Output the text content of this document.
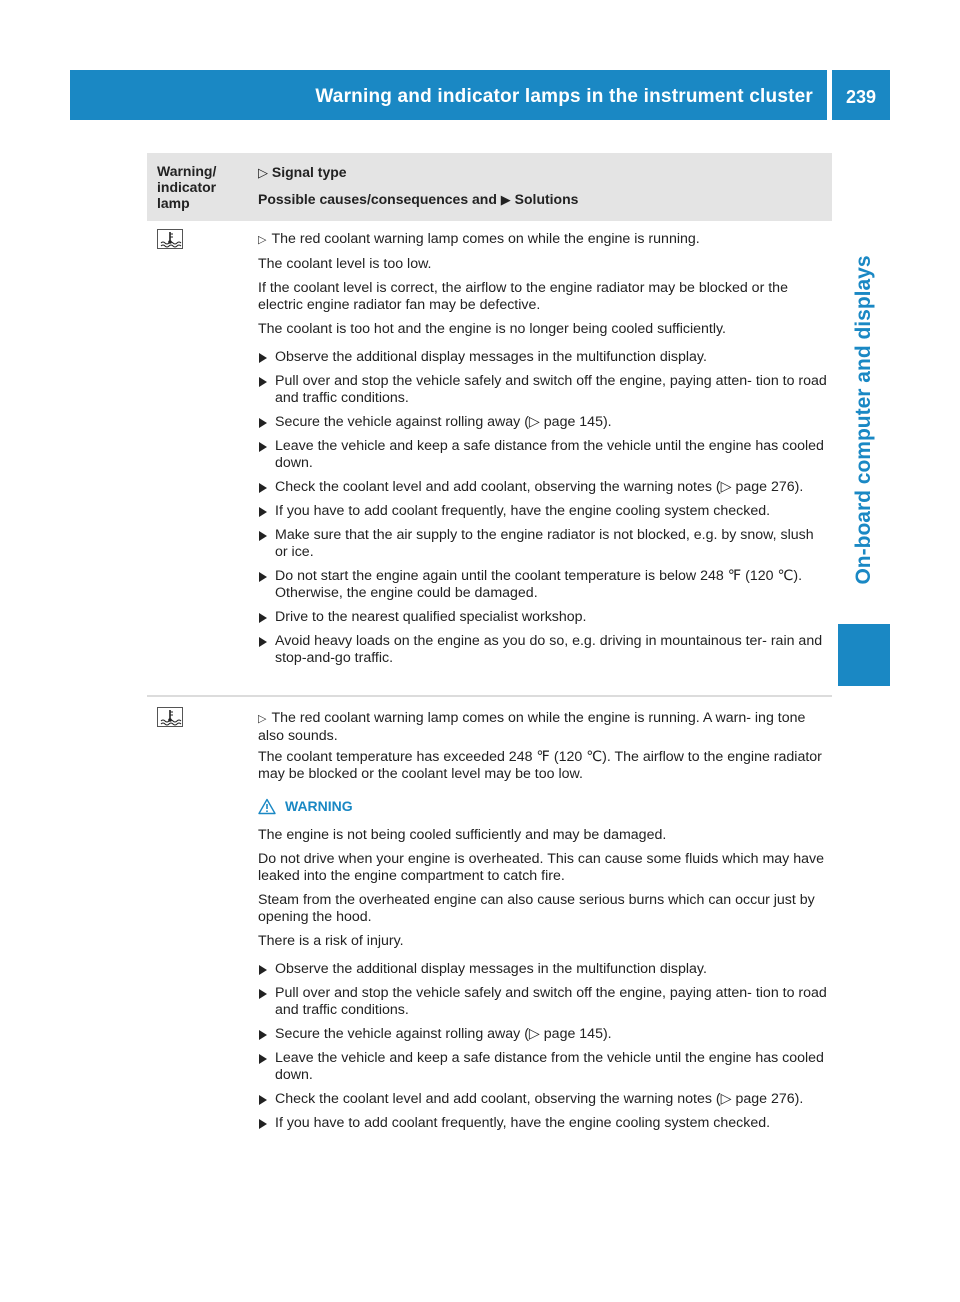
Warning and indicator lamps in the instrument cluster	239
On-board computer and displays
Warning/ indicator lamp
▷ Signal type
Possible causes/consequences and ▶ Solutions

▷ The red coolant warning lamp comes on while the engine is running.

The coolant level is too low.

If the coolant level is correct, the airflow to the engine radiator may be blocked or the electric engine radiator fan may be defective.

The coolant is too hot and the engine is no longer being cooled sufficiently.

Observe the additional display messages in the multifunction display.
Pull over and stop the vehicle safely and switch off the engine, paying atten- tion to road and traffic conditions.
Secure the vehicle against rolling away (▷ page 145).
Leave the vehicle and keep a safe distance from the vehicle until the engine has cooled down.
Check the coolant level and add coolant, observing the warning notes (▷ page 276).
If you have to add coolant frequently, have the engine cooling system checked.
Make sure that the air supply to the engine radiator is not blocked, e.g. by snow, slush or ice.
Do not start the engine again until the coolant temperature is below 248 ℉ (120 ℃). Otherwise, the engine could be damaged.
Drive to the nearest qualified specialist workshop.
Avoid heavy loads on the engine as you do so, e.g. driving in mountainous ter- rain and stop-and-go traffic.

▷ The red coolant warning lamp comes on while the engine is running. A warn- ing tone also sounds.

The coolant temperature has exceeded 248 ℉ (120 ℃). The airflow to the engine radiator may be blocked or the coolant level may be too low.

WARNING

The engine is not being cooled sufficiently and may be damaged.

Do not drive when your engine is overheated. This can cause some fluids which may have leaked into the engine compartment to catch fire.

Steam from the overheated engine can also cause serious burns which can occur just by opening the hood.

There is a risk of injury.

Observe the additional display messages in the multifunction display.
Pull over and stop the vehicle safely and switch off the engine, paying atten- tion to road and traffic conditions.
Secure the vehicle against rolling away (▷ page 145).
Leave the vehicle and keep a safe distance from the vehicle until the engine has cooled down.
Check the coolant level and add coolant, observing the warning notes (▷ page 276).
If you have to add coolant frequently, have the engine cooling system checked.
